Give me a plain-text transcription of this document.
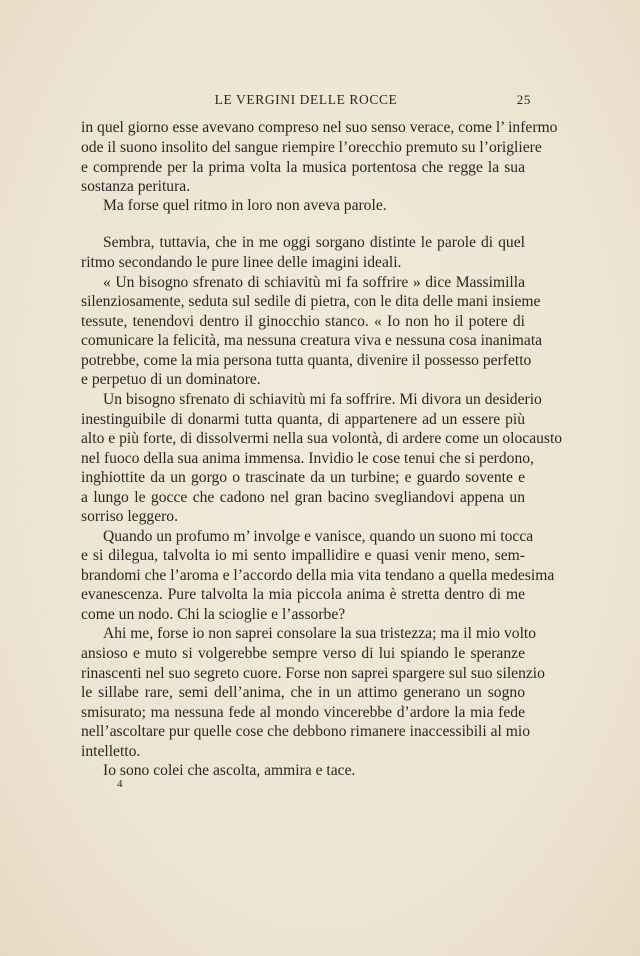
LE VERGINI DELLE ROCCE	25
in quel giorno esse avevano compreso nel suo senso verace, come l’ infermo
ode il suono insolito del sangue riempire l’orecchio premuto su l’origliere
e comprende per la prima volta la musica portentosa che regge la sua
sostanza peritura.
Ma forse quel ritmo in loro non aveva parole.
Sembra, tuttavia, che in me oggi sorgano distinte le parole di quel
ritmo secondando le pure linee delle imagini ideali.
« Un bisogno sfrenato di schiavitù mi fa soffrire » dice Massimilla
silenziosamente, seduta sul sedile di pietra, con le dita delle mani insieme
tessute, tenendovi dentro il ginocchio stanco. « Io non ho il potere di
comunicare la felicità, ma nessuna creatura viva e nessuna cosa inanimata
potrebbe, come la mia persona tutta quanta, divenire il possesso perfetto
e perpetuo di un dominatore.
Un bisogno sfrenato di schiavitù mi fa soffrire. Mi divora un desiderio
inestinguibile di donarmi tutta quanta, di appartenere ad un essere più
alto e più forte, di dissolvermi nella sua volontà, di ardere come un olocausto
nel fuoco della sua anima immensa. Invidio le cose tenui che si perdono,
inghiottite da un gorgo o trascinate da un turbine; e guardo sovente e
a lungo le gocce che cadono nel gran bacino svegliandovi appena un
sorriso leggero.
Quando un profumo m’ involge e vanisce, quando un suono mi tocca
e si dilegua, talvolta io mi sento impallidire e quasi venir meno, sem-
brandomi che l’aroma e l’accordo della mia vita tendano a quella medesima
evanescenza. Pure talvolta la mia piccola anima è stretta dentro di me
come un nodo. Chi la scioglie e l’assorbe?
Ahi me, forse io non saprei consolare la sua tristezza; ma il mio volto
ansioso e muto si volgerebbe sempre verso di lui spiando le speranze
rinascenti nel suo segreto cuore. Forse non saprei spargere sul suo silenzio
le sillabe rare, semi dell’anima, che in un attimo generano un sogno
smisurato; ma nessuna fede al mondo vincerebbe d’ardore la mia fede
nell’ascoltare pur quelle cose che debbono rimanere inaccessibili al mio
intelletto.
Io sono colei che ascolta, ammira e tace.
4
